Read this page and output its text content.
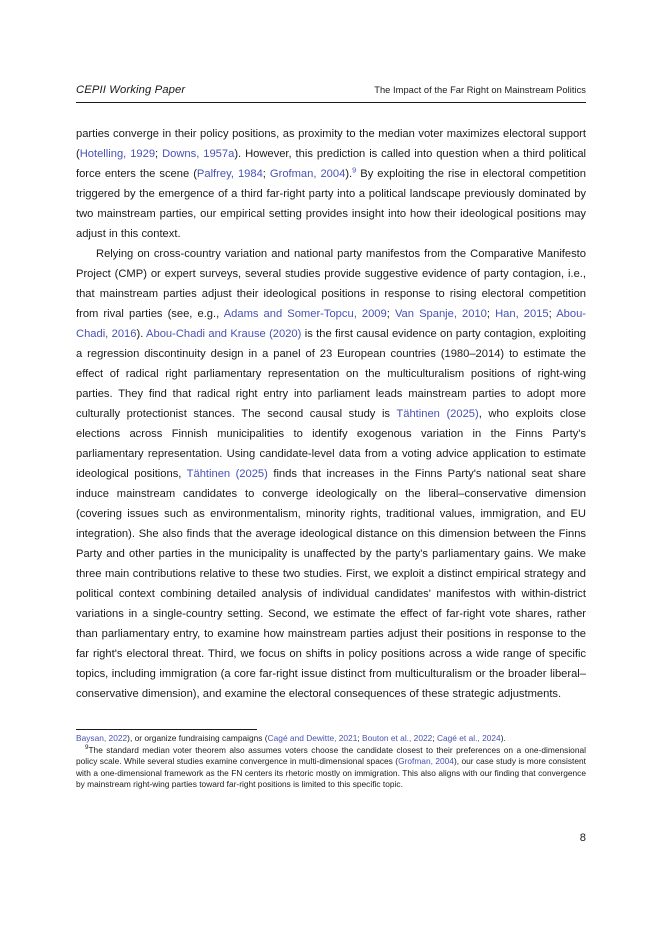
CEPII Working Paper	The Impact of the Far Right on Mainstream Politics

parties converge in their policy positions, as proximity to the median voter maximizes electoral support (Hotelling, 1929; Downs, 1957a). However, this prediction is called into question when a third political force enters the scene (Palfrey, 1984; Grofman, 2004).$^9$ By exploiting the rise in electoral competition triggered by the emergence of a third far-right party into a political landscape previously dominated by two mainstream parties, our empirical setting provides insight into how their ideological positions may adjust in this context.

Relying on cross-country variation and national party manifestos from the Comparative Manifesto Project (CMP) or expert surveys, several studies provide suggestive evidence of party contagion, i.e., that mainstream parties adjust their ideological positions in response to rising electoral competition from rival parties (see, e.g., Adams and Somer-Topcu, 2009; Van Spanje, 2010; Han, 2015; Abou-Chadi, 2016). Abou-Chadi and Krause (2020) is the first causal evidence on party contagion, exploiting a regression discontinuity design in a panel of 23 European countries (1980–2014) to estimate the effect of radical right parliamentary representation on the multiculturalism positions of right-wing parties. They find that radical right entry into parliament leads mainstream parties to adopt more culturally protectionist stances. The second causal study is Tähtinen (2025), who exploits close elections across Finnish municipalities to identify exogenous variation in the Finns Party's parliamentary representation. Using candidate-level data from a voting advice application to estimate ideological positions, Tähtinen (2025) finds that increases in the Finns Party's national seat share induce mainstream candidates to converge ideologically on the liberal–conservative dimension (covering issues such as environmentalism, minority rights, traditional values, immigration, and EU integration). She also finds that the average ideological distance on this dimension between the Finns Party and other parties in the municipality is unaffected by the party's parliamentary gains. We make three main contributions relative to these two studies. First, we exploit a distinct empirical strategy and political context combining detailed analysis of individual candidates' manifestos with within-district variations in a single-country setting. Second, we estimate the effect of far-right vote shares, rather than parliamentary entry, to examine how mainstream parties adjust their positions in response to the far right's electoral threat. Third, we focus on shifts in policy positions across a wide range of specific topics, including immigration (a core far-right issue distinct from multiculturalism or the broader liberal–conservative dimension), and examine the electoral consequences of these strategic adjustments.

Baysan, 2022), or organize fundraising campaigns (Cagé and Dewitte, 2021; Bouton et al., 2022; Cagé et al., 2024).

$^9$The standard median voter theorem also assumes voters choose the candidate closest to their preferences on a one-dimensional policy scale. While several studies examine convergence in multi-dimensional spaces (Grofman, 2004), our case study is more consistent with a one-dimensional framework as the FN centers its rhetoric mostly on immigration. This also aligns with our finding that convergence by mainstream right-wing parties toward far-right positions is limited to this specific topic.

8
